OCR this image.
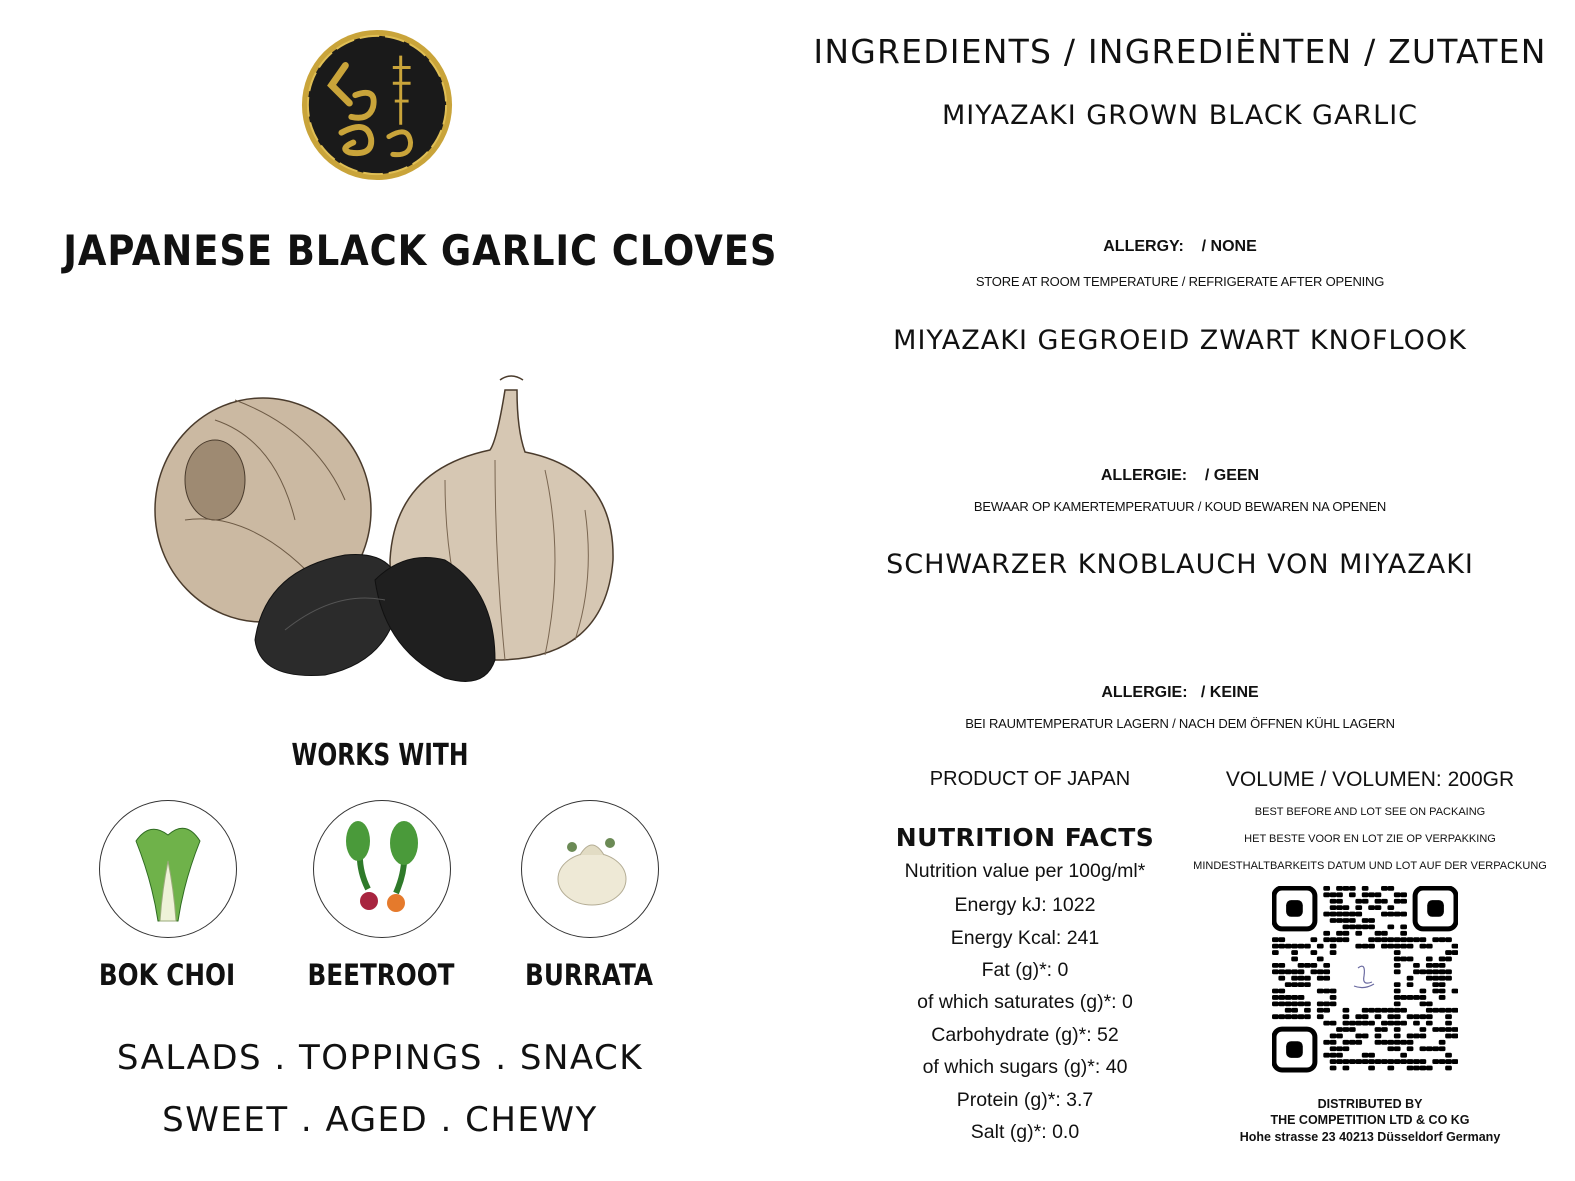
JAPANESE BLACK GARLIC CLOVES
WORKS WITH
BOK CHOI	BEETROOT	BURRATA
SALADS . TOPPINGS . SNACK
SWEET . AGED . CHEWY
INGREDIENTS / INGREDIËNTEN / ZUTATEN
MIYAZAKI GROWN BLACK GARLIC
ALLERGY:    / NONE
STORE AT ROOM TEMPERATURE / REFRIGERATE AFTER OPENING
MIYAZAKI GEGROEID ZWART KNOFLOOK
ALLERGIE:    / GEEN
BEWAAR OP KAMERTEMPERATUUR / KOUD BEWAREN NA OPENEN
SCHWARZER KNOBLAUCH VON MIYAZAKI
ALLERGIE:   / KEINE
BEI RAUMTEMPERATUR LAGERN / NACH DEM ÖFFNEN KÜHL LAGERN
PRODUCT OF JAPAN	VOLUME / VOLUMEN: 200GR
BEST BEFORE AND LOT SEE ON PACKAING
HET BESTE VOOR EN LOT ZIE OP VERPAKKING
MINDESTHALTBARKEITS DATUM UND LOT AUF DER VERPACKUNG
NUTRITION FACTS
Nutrition value per 100g/ml*
Energy kJ: 1022
Energy Kcal: 241
Fat (g)*: 0
of which saturates (g)*: 0
Carbohydrate (g)*: 52
of which sugars (g)*: 40
Protein (g)*: 3.7
Salt (g)*: 0.0
DISTRIBUTED BY
THE COMPETITION LTD & CO KG
Hohe strasse 23 40213 Düsseldorf Germany
